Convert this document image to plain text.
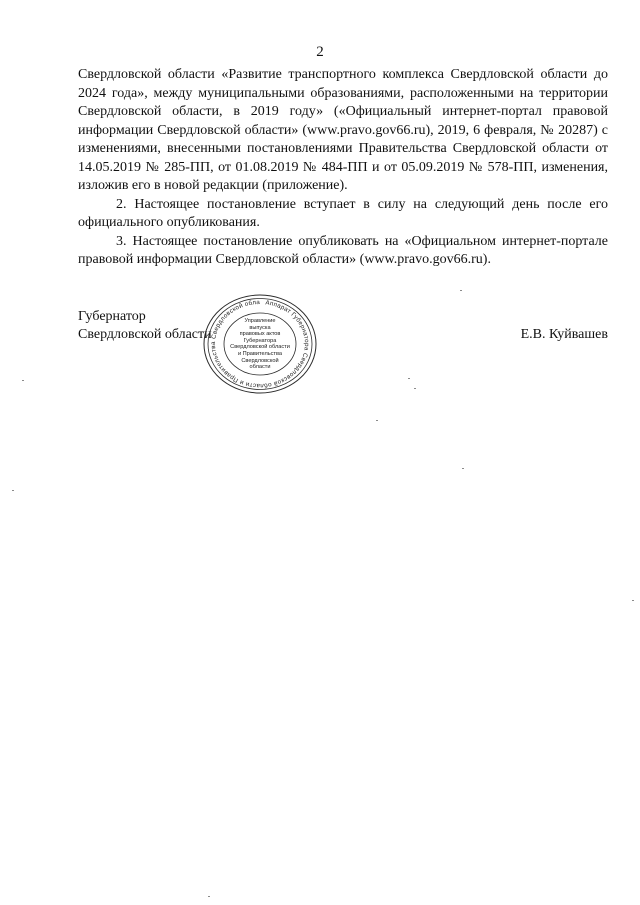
2

Свердловской области «Развитие транспортного комплекса Свердловской области до 2024 года», между муниципальными образованиями, расположенными на территории Свердловской области, в 2019 году» («Официальный интернет-портал правовой информации Свердловской области» (www.pravo.gov66.ru), 2019, 6 февраля, № 20287) с изменениями, внесенными постановлениями Правительства Свердловской области от 14.05.2019 № 285-ПП, от 01.08.2019 № 484-ПП и от 05.09.2019 № 578-ПП, изменения, изложив его в новой редакции (приложение).

2. Настоящее постановление вступает в силу на следующий день после его официального опубликования.

3. Настоящее постановление опубликовать на «Официальном интернет-портале правовой информации Свердловской области» (www.pravo.gov66.ru).

Губернатор
Свердловской области	Е.В. Куйвашев
Аппарат Губернатора Свердловской области и Правительства Свердловской обла
Управление
выпуска
правовых актов
Губернатора
Свердловской области
и Правительства
Свердловской
области
